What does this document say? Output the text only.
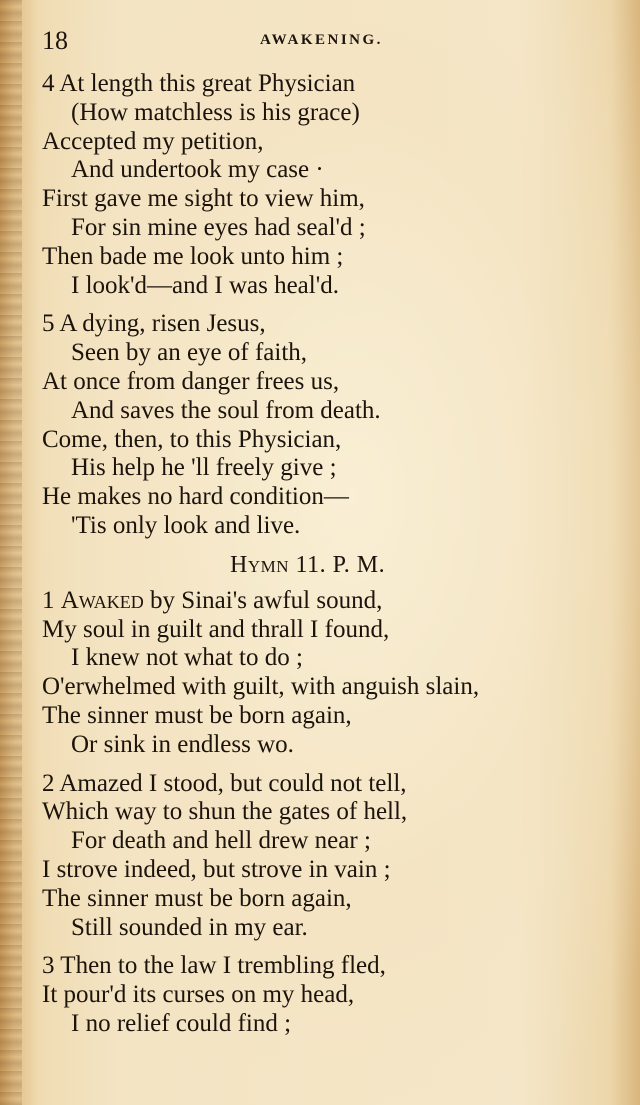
18	AWAKENING.
4 At length this great Physician
(How matchless is his grace)
Accepted my petition,
And undertook my case ·
First gave me sight to view him,
For sin mine eyes had seal'd ;
Then bade me look unto him ;
I look'd—and I was heal'd.
5 A dying, risen Jesus,
Seen by an eye of faith,
At once from danger frees us,
And saves the soul from death.
Come, then, to this Physician,
His help he 'll freely give ;
He makes no hard condition—
'Tis only look and live.
Hymn 11. P. M.
1 Awaked by Sinai's awful sound,
My soul in guilt and thrall I found,
I knew not what to do ;
O'erwhelmed with guilt, with anguish slain,
The sinner must be born again,
Or sink in endless wo.
2 Amazed I stood, but could not tell,
Which way to shun the gates of hell,
For death and hell drew near ;
I strove indeed, but strove in vain ;
The sinner must be born again,
Still sounded in my ear.
3 Then to the law I trembling fled,
It pour'd its curses on my head,
I no relief could find ;
